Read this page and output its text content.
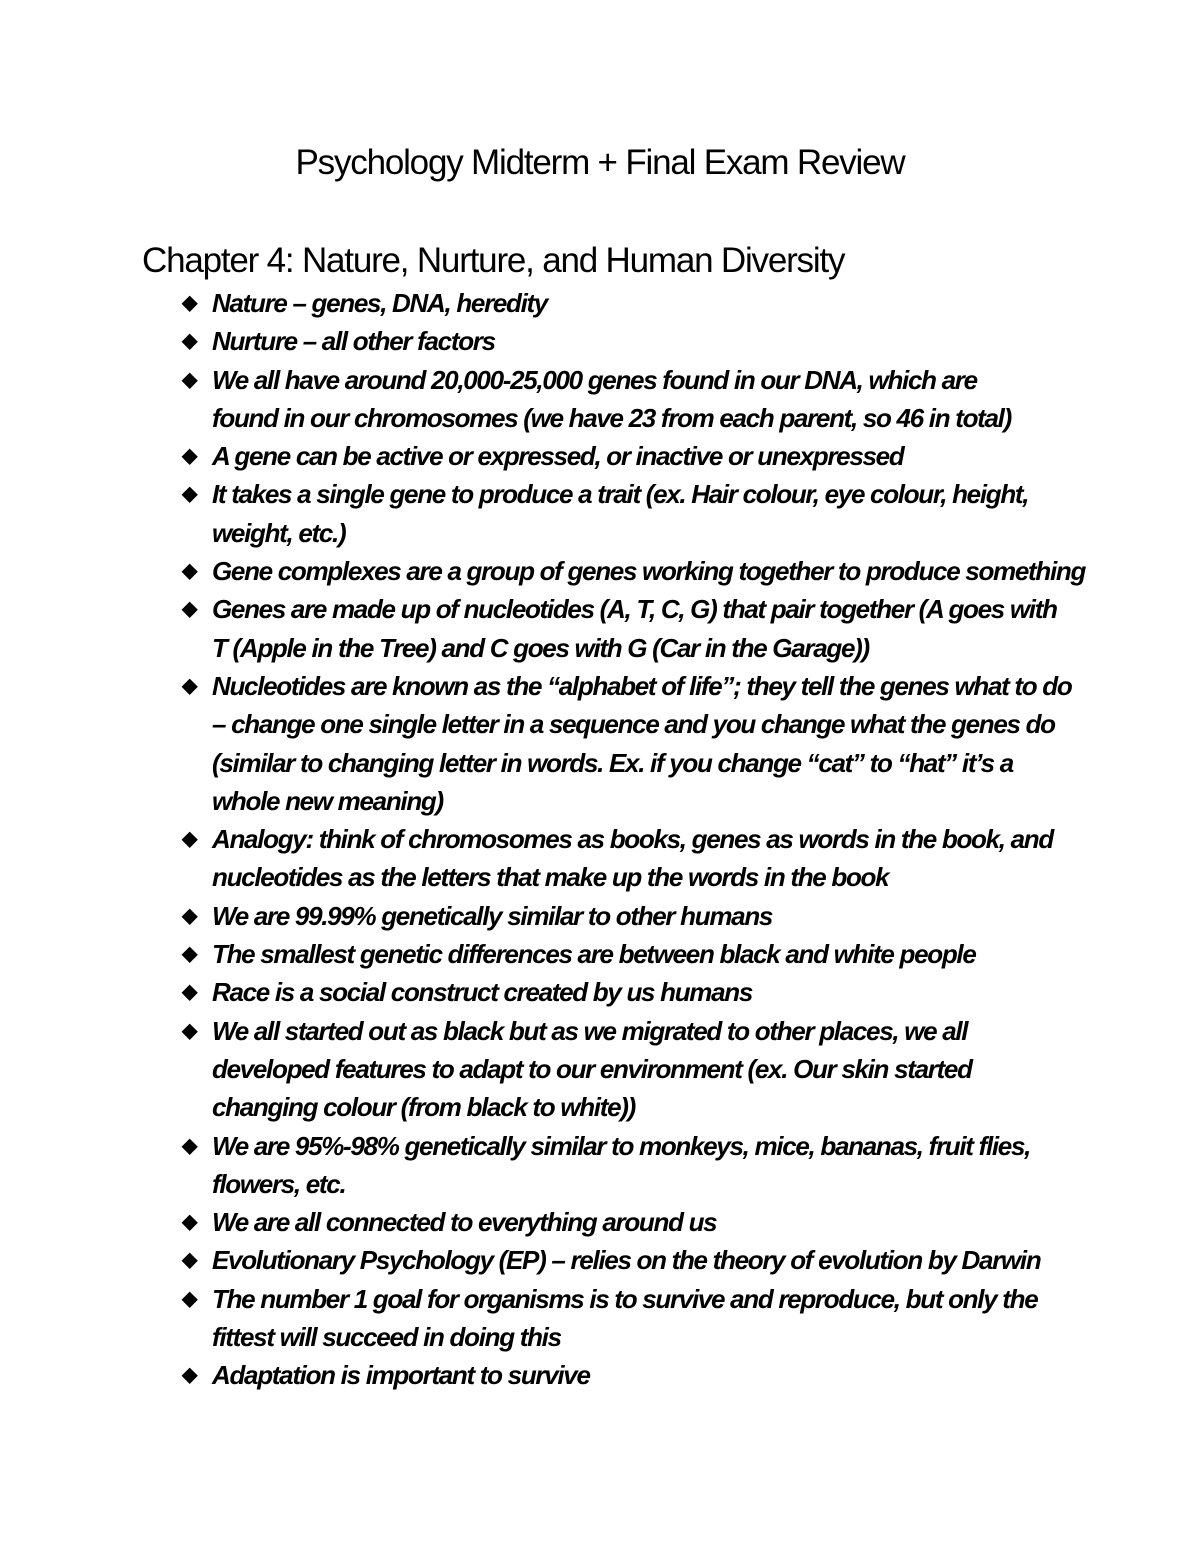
Psychology Midterm + Final Exam Review
Chapter 4: Nature, Nurture, and Human Diversity
◆ Nature – genes, DNA, heredity
◆ Nurture – all other factors
◆ We all have around 20,000-25,000 genes found in our DNA, which are
found in our chromosomes (we have 23 from each parent, so 46 in total)
◆ A gene can be active or expressed, or inactive or unexpressed
◆ It takes a single gene to produce a trait (ex. Hair colour, eye colour, height,
weight, etc.)
◆ Gene complexes are a group of genes working together to produce something
◆ Genes are made up of nucleotides (A, T, C, G) that pair together (A goes with
T (Apple in the Tree) and C goes with G (Car in the Garage))
◆ Nucleotides are known as the “alphabet of life”; they tell the genes what to do
– change one single letter in a sequence and you change what the genes do
(similar to changing letter in words. Ex. if you change “cat” to “hat” it’s a
whole new meaning)
◆ Analogy: think of chromosomes as books, genes as words in the book, and
nucleotides as the letters that make up the words in the book
◆ We are 99.99% genetically similar to other humans
◆ The smallest genetic differences are between black and white people
◆ Race is a social construct created by us humans
◆ We all started out as black but as we migrated to other places, we all
developed features to adapt to our environment (ex. Our skin started
changing colour (from black to white))
◆ We are 95%-98% genetically similar to monkeys, mice, bananas, fruit flies,
flowers, etc.
◆ We are all connected to everything around us
◆ Evolutionary Psychology (EP) – relies on the theory of evolution by Darwin
◆ The number 1 goal for organisms is to survive and reproduce, but only the
fittest will succeed in doing this
◆ Adaptation is important to survive
